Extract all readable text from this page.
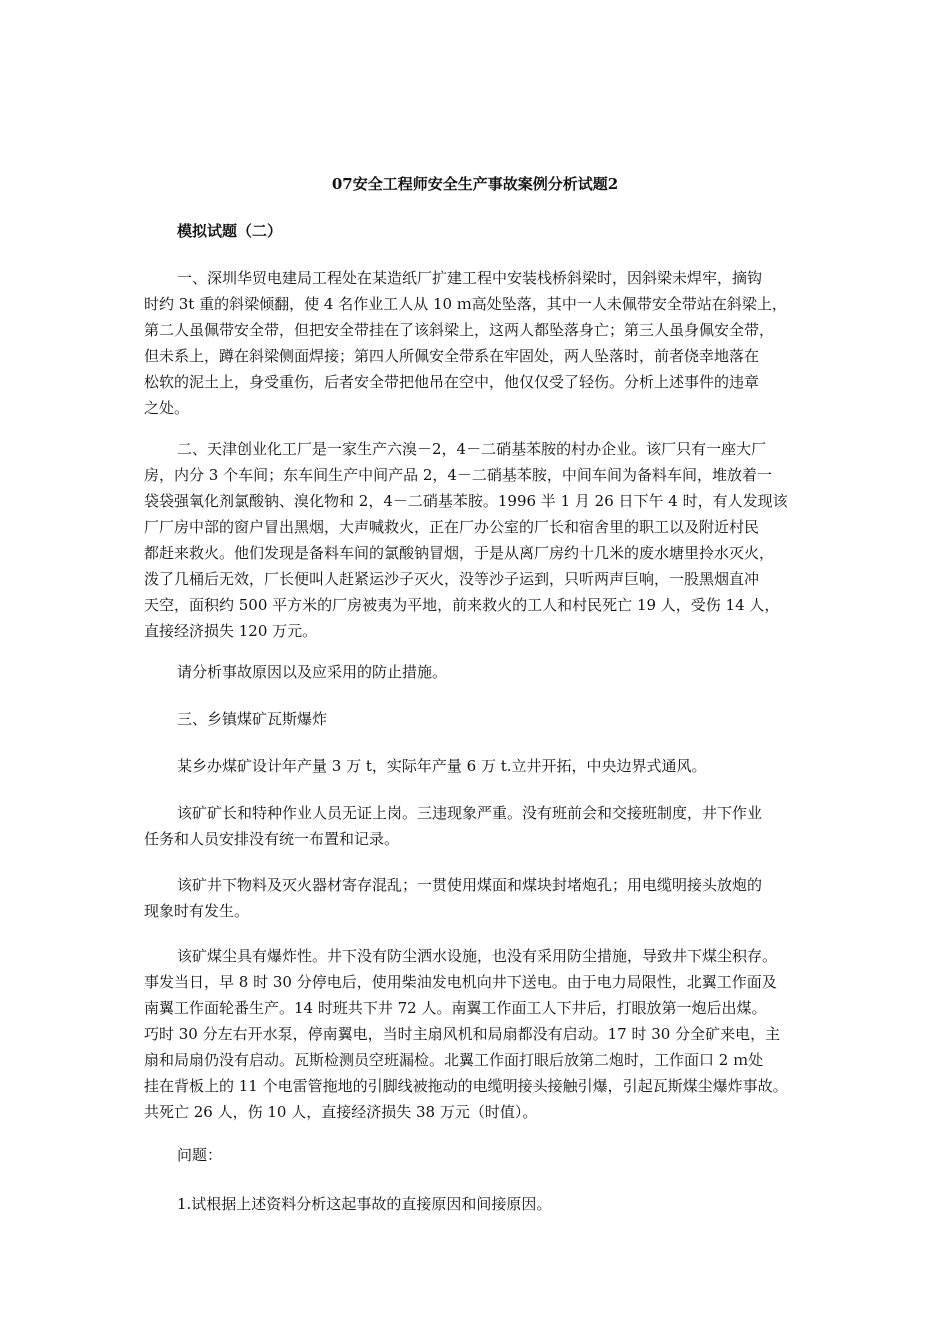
07安全工程师安全生产事故案例分析试题2
模拟试题（二）
一、深圳华贸电建局工程处在某造纸厂扩建工程中安装栈桥斜梁时，因斜梁未焊牢，摘钩
时约 3t 重的斜梁倾翻，使 4 名作业工人从 10 ｍ高处坠落，其中一人未佩带安全带站在斜梁上，
第二人虽佩带安全带，但把安全带挂在了该斜梁上，这两人都坠落身亡；第三人虽身佩安全带，
但未系上，蹲在斜梁侧面焊接；第四人所佩安全带系在牢固处，两人坠落时，前者侥幸地落在
松软的泥土上，身受重伤，后者安全带把他吊在空中，他仅仅受了轻伤。分析上述事件的违章
之处。
二、天津创业化工厂是一家生产六溴－2，4－二硝基苯胺的村办企业。该厂只有一座大厂
房，内分 3 个车间；东车间生产中间产品 2，4－二硝基苯胺，中间车间为备料车间，堆放着一
袋袋强氧化剂氯酸钠、溴化物和 2，4－二硝基苯胺。1996 半 1 月 26 日下午 4 时，有人发现该
厂厂房中部的窗户冒出黑烟，大声喊救火，正在厂办公室的厂长和宿舍里的职工以及附近村民
都赶来救火。他们发现是备料车间的氯酸钠冒烟，于是从离厂房约十几米的废水塘里拎水灭火，
泼了几桶后无效，厂长便叫人赶紧运沙子灭火，没等沙子运到，只听两声巨响，一股黑烟直冲
天空，面积约 500 平方米的厂房被夷为平地，前来救火的工人和村民死亡 19 人，受伤 14 人，
直接经济损失 120 万元。
请分析事故原因以及应采用的防止措施。
三、乡镇煤矿瓦斯爆炸
某乡办煤矿设计年产量 3 万 t，实际年产量 6 万 t.立井开拓，中央边界式通风。
该矿矿长和特种作业人员无证上岗。三违现象严重。没有班前会和交接班制度，井下作业
任务和人员安排没有统一布置和记录。
该矿井下物料及灭火器材寄存混乱；一贯使用煤面和煤块封堵炮孔；用电缆明接头放炮的
现象时有发生。
该矿煤尘具有爆炸性。井下没有防尘洒水设施，也没有采用防尘措施，导致井下煤尘积存。
事发当日，早 8 时 30 分停电后，使用柴油发电机向井下送电。由于电力局限性，北翼工作面及
南翼工作面轮番生产。14 时班共下井 72 人。南翼工作面工人下井后，打眼放第一炮后出煤。
巧时 30 分左右开水泵，停南翼电，当时主扇风机和局扇都没有启动。17 时 30 分全矿来电，主
扇和局扇仍没有启动。瓦斯检测员空班漏检。北翼工作面打眼后放第二炮时，工作面口 2 ｍ处
挂在背板上的 11 个电雷管拖地的引脚线被拖动的电缆明接头接触引爆，引起瓦斯煤尘爆炸事故。
共死亡 26 人，伤 10 人，直接经济损失 38 万元（时值）。
问题：
1.试根据上述资料分析这起事故的直接原因和间接原因。
